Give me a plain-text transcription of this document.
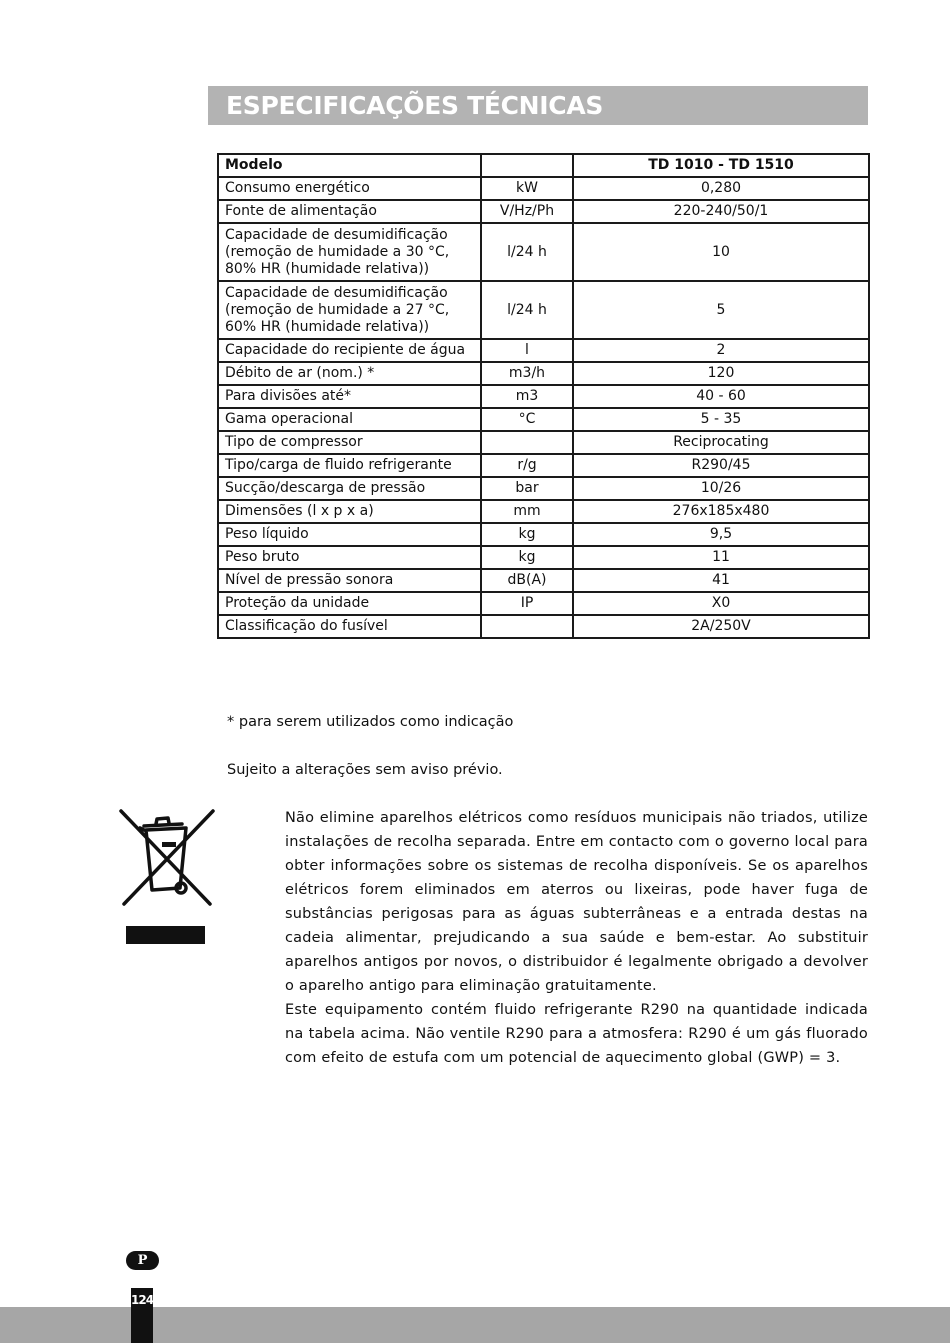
ESPECIFICAÇÕES TÉCNICAS
Modelo		TD 1010 - TD 1510
Consumo energético	kW	0,280
Fonte de alimentação	V/Hz/Ph	220-240/50/1
Capacidade de desumidificação (remoção de humidade a 30 °C, 80% HR (humidade relativa))	l/24 h	10
Capacidade de desumidificação (remoção de humidade a 27 °C, 60% HR (humidade relativa))	l/24 h	5
Capacidade do recipiente de água	l	2
Débito de ar (nom.) *	m3/h	120
Para divisões até*	m3	40 - 60
Gama operacional	°C	5 - 35
Tipo de compressor		Reciprocating
Tipo/carga de fluido refrigerante	r/g	R290/45
Sucção/descarga de pressão	bar	10/26
Dimensões (l x p x a)	mm	276x185x480
Peso líquido	kg	9,5
Peso bruto	kg	11
Nível de pressão sonora	dB(A)	41
Proteção da unidade	IP	X0
Classificação do fusível		2A/250V
* para serem utilizados como indicação
Sujeito a alterações sem aviso prévio.
Não elimine aparelhos elétricos como resíduos municipais não triados, utilize instalações de recolha separada. Entre em contacto com o governo local para obter informações sobre os sistemas de recolha disponíveis. Se os aparelhos elétricos forem eliminados em aterros ou lixeiras, pode haver fuga de substâncias perigosas para as águas subterrâneas e a entrada destas na cadeia alimentar, prejudicando a sua saúde e bem-estar. Ao substituir aparelhos antigos por novos, o distribuidor é legalmente obrigado a devolver o aparelho antigo para eliminação gratuitamente.
Este equipamento contém fluido refrigerante R290 na quantidade indicada na tabela acima. Não ventile R290 para a atmosfera: R290 é um gás fluorado com efeito de estufa com um potencial de aquecimento global (GWP) = 3.
P
124
